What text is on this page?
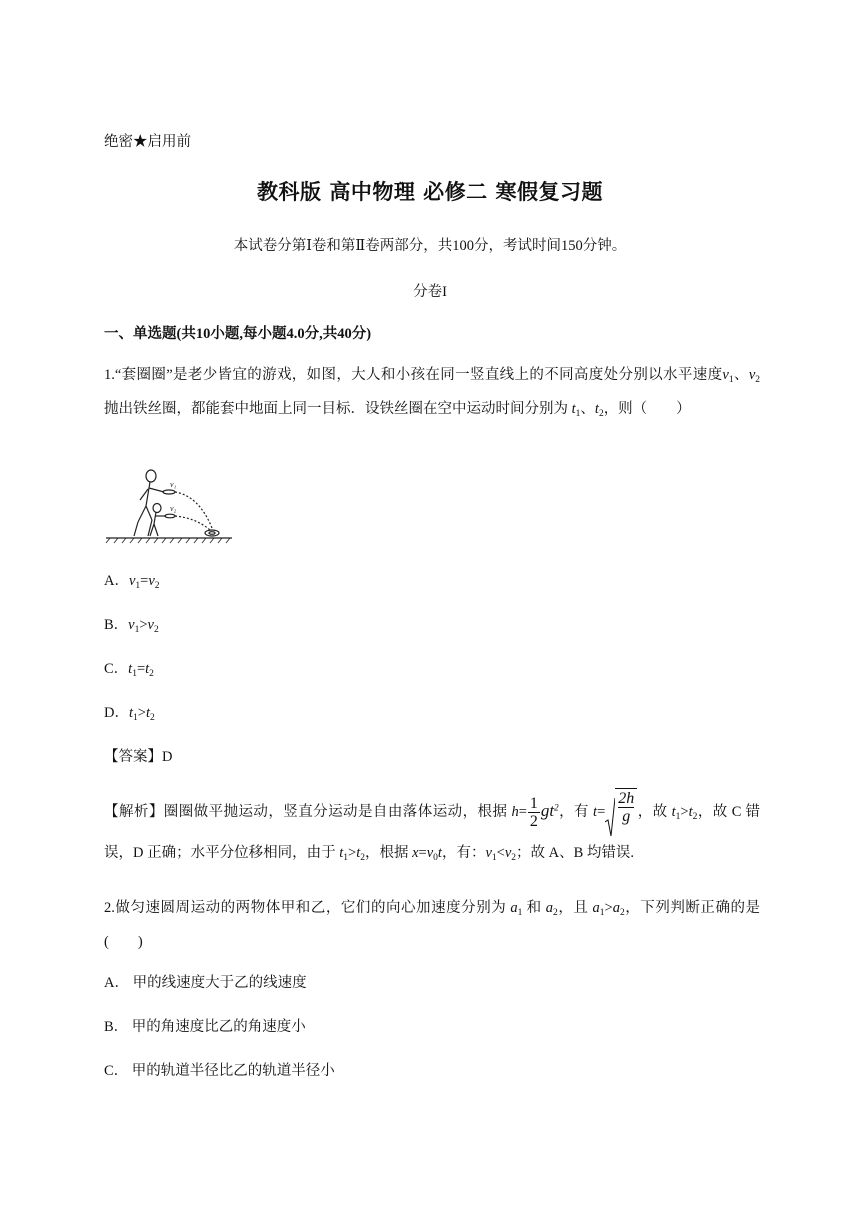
绝密★启用前
教科版 高中物理 必修二 寒假复习题
本试卷分第Ⅰ卷和第Ⅱ卷两部分，共100分，考试时间150分钟。
分卷I
一、单选题(共10小题,每小题4.0分,共40分)
1.“套圈圈”是老少皆宜的游戏，如图，大人和小孩在同一竖直线上的不同高度处分别以水平速度$v_1$、$v_2$ 抛出铁丝圈，都能套中地面上同一目标．设铁丝圈在空中运动时间分别为 $t_1$、$t_2$，则（　　）
v₁
v₂
A．$v_1=v_2$
B．$v_1>v_2$
C．$t_1=t_2$
D．$t_1>t_2$
【答案】D
【解析】圈圈做平抛运动，竖直分运动是自由落体运动，根据 $h= \frac{1}{2} gt^2$，有 $t= \frac{2h}{g}$ ，故 $t_1>t_2$，故 C 错误，D 正确；水平分位移相同，由于 $t_1>t_2$，根据 $x=v_0t$，有：$v_1<v_2$；故 A、B 均错误.
2.做匀速圆周运动的两物体甲和乙，它们的向心加速度分别为 $a_1$ 和 $a_2$，且 $a_1>a_2$，下列判断正确的是(　　)
A． 甲的线速度大于乙的线速度
B． 甲的角速度比乙的角速度小
C． 甲的轨道半径比乙的轨道半径小
